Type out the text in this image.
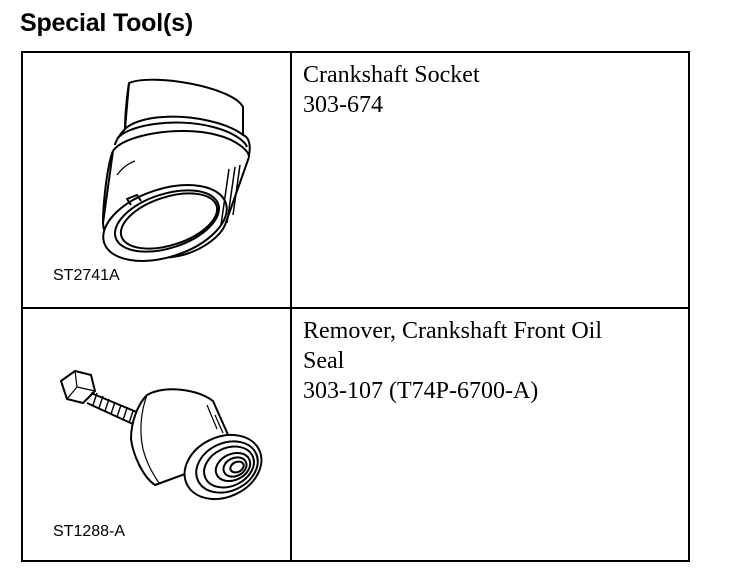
Special Tool(s)
ST2741A
Crankshaft Socket
303-674
ST1288-A
Remover, Crankshaft Front Oil
Seal
303-107 (T74P-6700-A)
